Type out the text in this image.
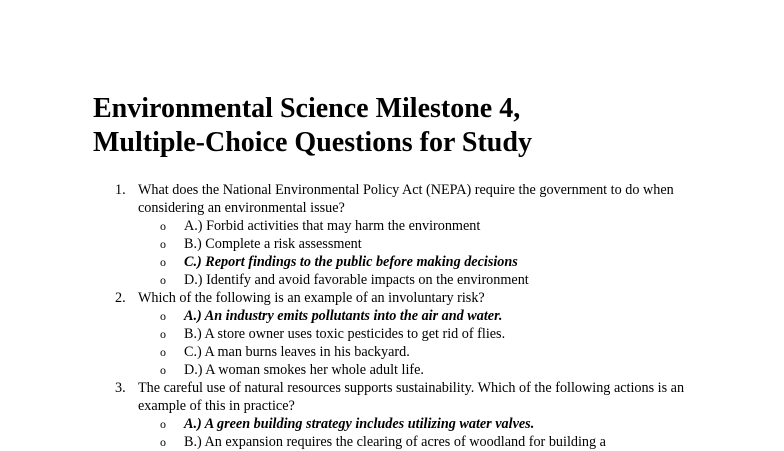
Environmental Science Milestone 4,
Multiple-Choice Questions for Study
1. What does the National Environmental Policy Act (NEPA) require the government to do when considering an environmental issue?
o A.) Forbid activities that may harm the environment
o B.) Complete a risk assessment
o C.) Report findings to the public before making decisions
o D.) Identify and avoid favorable impacts on the environment
2. Which of the following is an example of an involuntary risk?
o A.) An industry emits pollutants into the air and water.
o B.) A store owner uses toxic pesticides to get rid of flies.
o C.) A man burns leaves in his backyard.
o D.) A woman smokes her whole adult life.
3. The careful use of natural resources supports sustainability. Which of the following actions is an example of this in practice?
o A.) A green building strategy includes utilizing water valves.
o B.) An expansion requires the clearing of acres of woodland for building a
